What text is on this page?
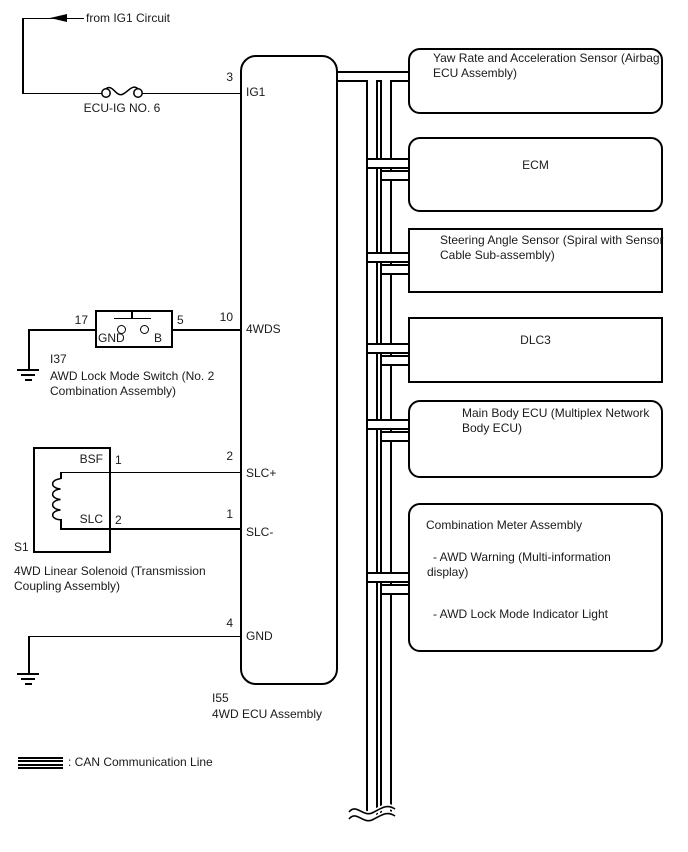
from IG1 Circuit
ECU-IG NO. 6
GND B
17	5
I37
AWD Lock Mode Switch (No. 2 Combination Assembly)
BSF 1
SLC 2
S1
4WD Linear Solenoid (Transmission Coupling Assembly)
3
IG1
10
4WDS
2
SLC+
1
SLC-
4
GND
I55
4WD ECU Assembly
Yaw Rate and Acceleration Sensor (Airbag ECU Assembly)
ECM
Steering Angle Sensor (Spiral with Sensor Cable Sub-assembly)
DLC3
Main Body ECU (Multiplex Network Body ECU)
Combination Meter Assembly
- AWD Warning (Multi-information display)
- AWD Lock Mode Indicator Light
: CAN Communication Line
